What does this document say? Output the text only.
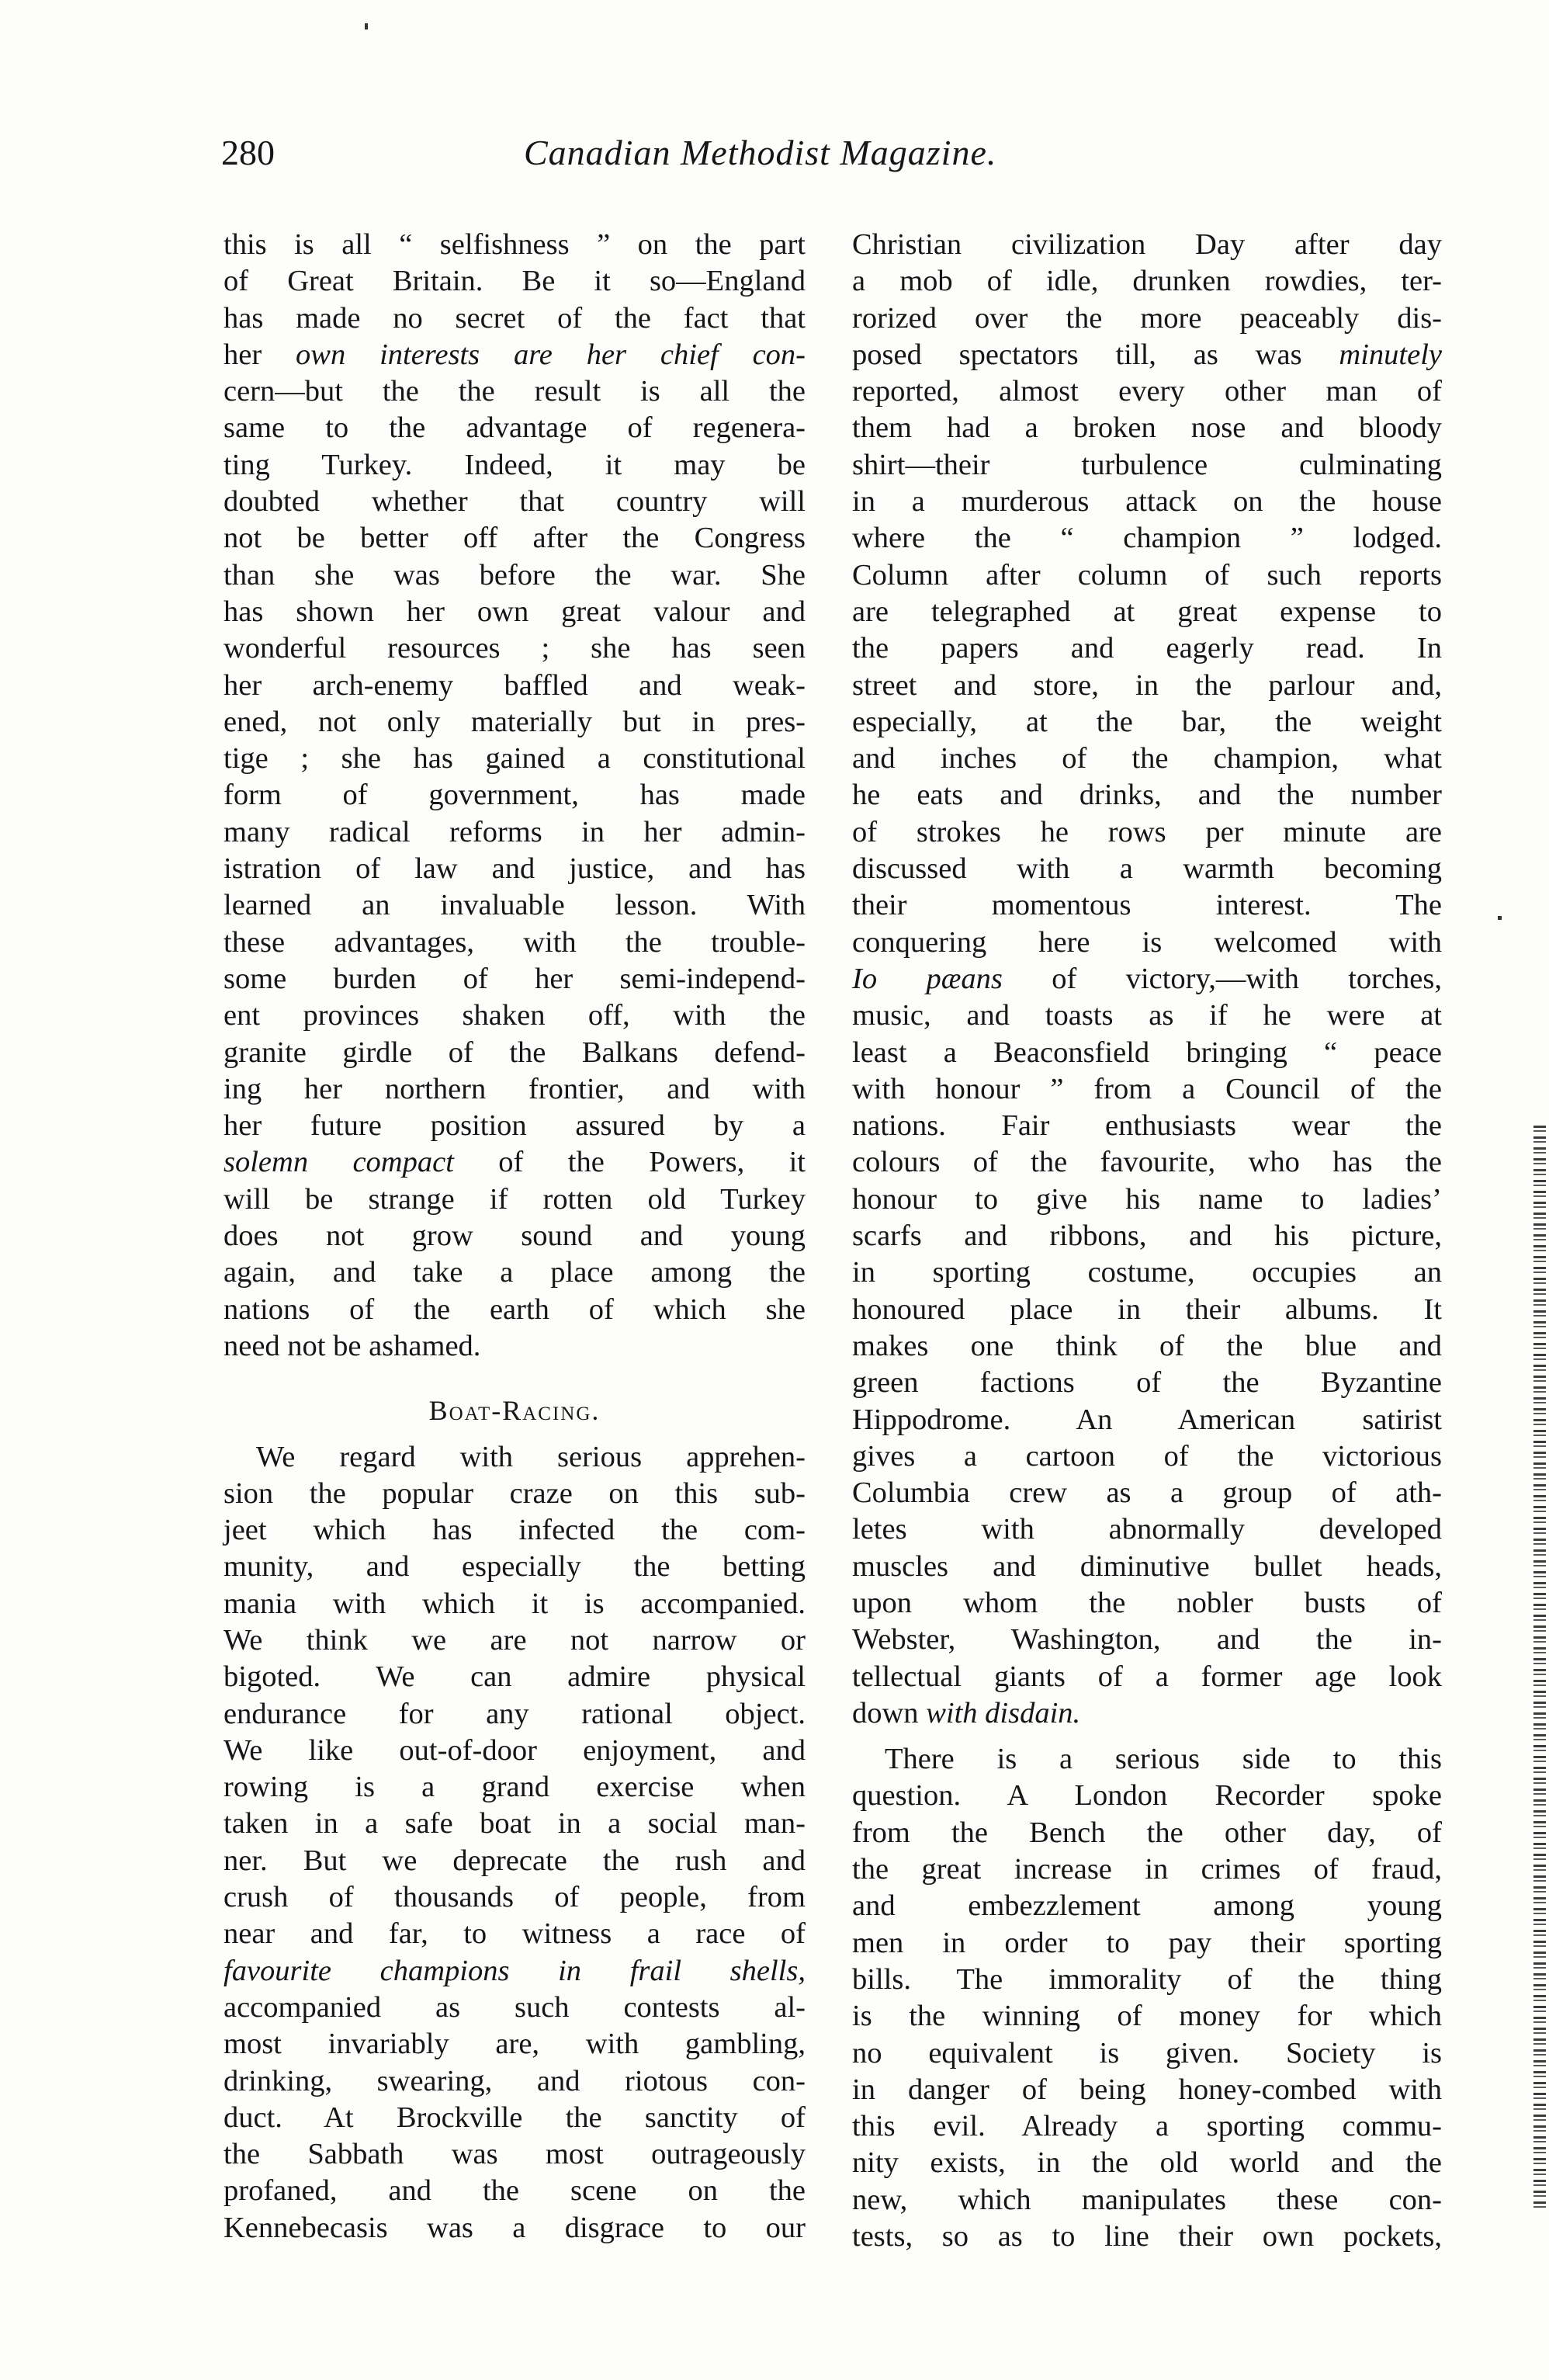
280	Canadian Methodist Magazine.
this is all “ selfishness ” on the part
of Great Britain. Be it so—England
has made no secret of the fact that
her own interests are her chief con-
cern—but the the result is all the
same to the advantage of regenera-
ting Turkey. Indeed, it may be
doubted whether that country will
not be better off after the Congress
than she was before the war. She
has shown her own great valour and
wonderful resources ; she has seen
her arch-enemy baffled and weak-
ened, not only materially but in pres-
tige ; she has gained a constitutional
form of government, has made
many radical reforms in her admin-
istration of law and justice, and has
learned an invaluable lesson. With
these advantages, with the trouble-
some burden of her semi-independ-
ent provinces shaken off, with the
granite girdle of the Balkans defend-
ing her northern frontier, and with
her future position assured by a
solemn compact of the Powers, it
will be strange if rotten old Turkey
does not grow sound and young
again, and take a place among the
nations of the earth of which she
need not be ashamed.
Boat-Racing.
We regard with serious apprehen-
sion the popular craze on this sub-
jeet which has infected the com-
munity, and especially the betting
mania with which it is accompanied.
We think we are not narrow or
bigoted. We can admire physical
endurance for any rational object.
We like out-of-door enjoyment, and
rowing is a grand exercise when
taken in a safe boat in a social man-
ner. But we deprecate the rush and
crush of thousands of people, from
near and far, to witness a race of
favourite champions in frail shells,
accompanied as such contests al-
most invariably are, with gambling,
drinking, swearing, and riotous con-
duct. At Brockville the sanctity of
the Sabbath was most outrageously
profaned, and the scene on the
Kennebecasis was a disgrace to our
Christian civilization Day after day
a mob of idle, drunken rowdies, ter-
rorized over the more peaceably dis-
posed spectators till, as was minutely
reported, almost every other man of
them had a broken nose and bloody
shirt—their turbulence culminating
in a murderous attack on the house
where the “ champion ” lodged.
Column after column of such reports
are telegraphed at great expense to
the papers and eagerly read. In
street and store, in the parlour and,
especially, at the bar, the weight
and inches of the champion, what
he eats and drinks, and the number
of strokes he rows per minute are
discussed with a warmth becoming
their momentous interest. The
conquering here is welcomed with
Io pæans of victory,—with torches,
music, and toasts as if he were at
least a Beaconsfield bringing “ peace
with honour ” from a Council of the
nations. Fair enthusiasts wear the
colours of the favourite, who has the
honour to give his name to ladies’
scarfs and ribbons, and his picture,
in sporting costume, occupies an
honoured place in their albums. It
makes one think of the blue and
green factions of the Byzantine
Hippodrome. An American satirist
gives a cartoon of the victorious
Columbia crew as a group of ath-
letes with abnormally developed
muscles and diminutive bullet heads,
upon whom the nobler busts of
Webster, Washington, and the in-
tellectual giants of a former age look
down with disdain.
There is a serious side to this
question. A London Recorder spoke
from the Bench the other day, of
the great increase in crimes of fraud,
and embezzlement among young
men in order to pay their sporting
bills. The immorality of the thing
is the winning of money for which
no equivalent is given. Society is
in danger of being honey-combed with
this evil. Already a sporting commu-
nity exists, in the old world and the
new, which manipulates these con-
tests, so as to line their own pockets,
